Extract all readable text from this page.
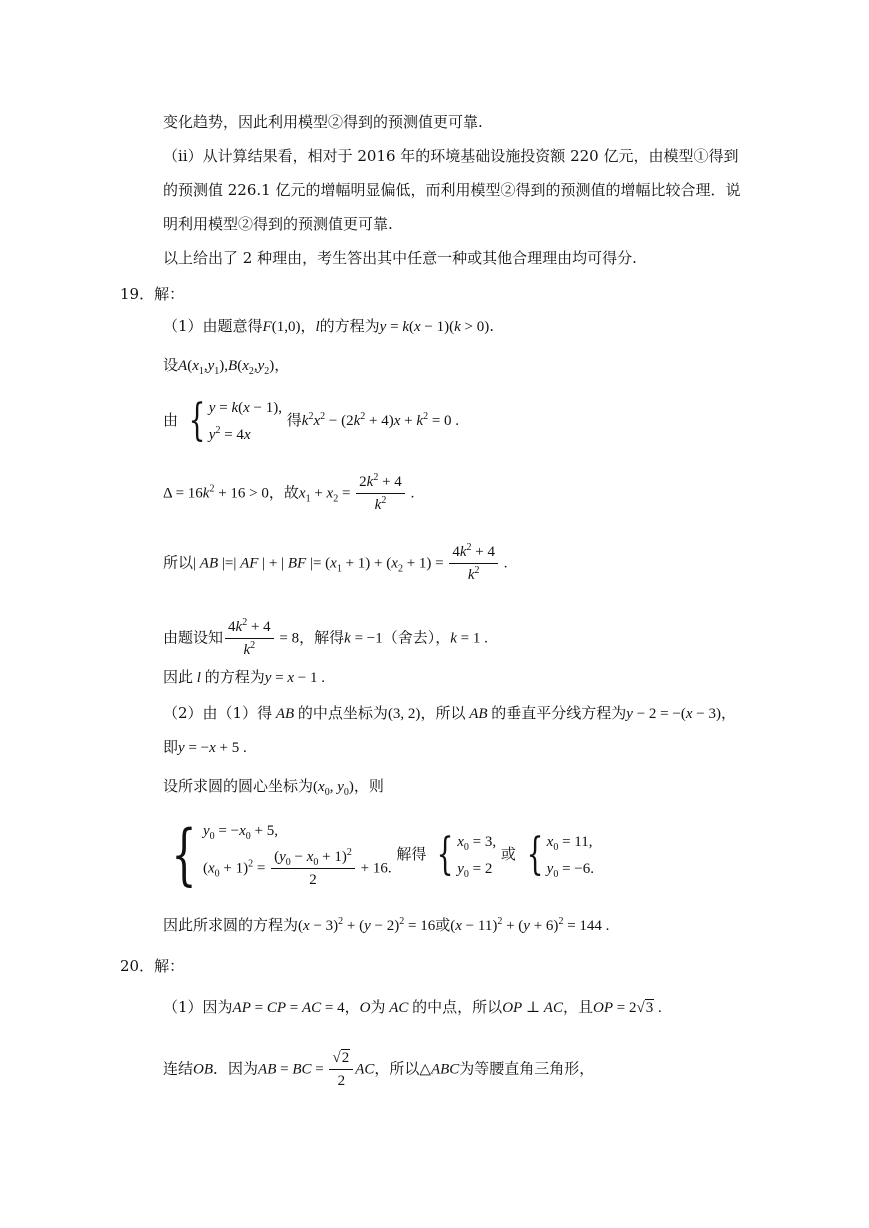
变化趋势，因此利用模型②得到的预测值更可靠.
（ⅱ）从计算结果看，相对于 2016 年的环境基础设施投资额 220 亿元，由模型①得到
的预测值 226.1 亿元的增幅明显偏低，而利用模型②得到的预测值的增幅比较合理．说
明利用模型②得到的预测值更可靠.
以上给出了 2 种理由，考生答出其中任意一种或其他合理理由均可得分.
19．解：
（1）由题意得F(1,0)，l的方程为y = k(x − 1)(k > 0).
设$A(x_1,y_1),B(x_2,y_2)$，
由 { y = k(x − 1),
$y^2 = 4x$
得$k^2x^2 - (2k^2 + 4)x + k^2 = 0$ .
$\Delta = 16k^2 + 16 > 0$，故$x_1 + x_2 = \frac{2k^2 + 4}{k^2}$ .
所以| AB |=| AF | + | BF |= $(x_1 + 1) + (x_2 + 1) = \frac{4k^2 + 4}{k^2}$ .
由题设知 $\frac{4k^2 + 4}{k^2} = 8$，解得k = −1（舍去），k = 1 .
因此 l 的方程为y = x − 1 .
（2）由（1）得 AB 的中点坐标为(3, 2)，所以 AB 的垂直平分线方程为y − 2 = −(x − 3)，
即y = −x + 5 .
设所求圆的圆心坐标为($x_0$, $y_0$)，则
{ $y_0 = -x_0 + 5$,
$(x_0 + 1)^2 = \frac{(y_0 - x_0 + 1)^2}{2} + 16$.
解得 { $x_0 = 3$,
$y_0 = 2$
或 { $x_0 = 11$,
$y_0 = -6$.
因此所求圆的方程为$(x - 3)^2 + (y - 2)^2 = 16$或$(x - 11)^2 + (y + 6)^2 = 144$ .
20．解：
（1）因为AP = CP = AC = 4，O为 AC 的中点，所以OP ⊥ AC，且OP = 2√3 .
连结OB．因为AB = BC = $\frac{√2}{2}$ AC，所以△ABC为等腰直角三角形，
